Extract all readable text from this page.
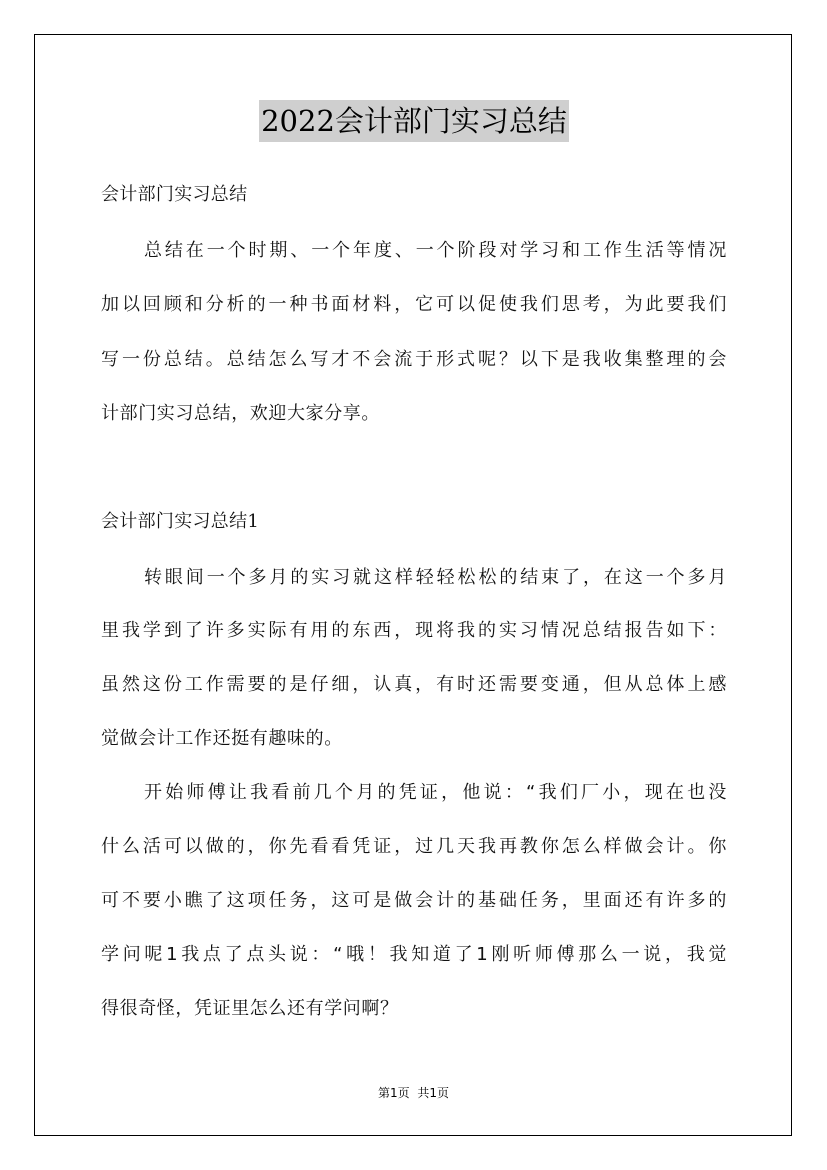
2022会计部门实习总结
会计部门实习总结
总结在一个时期、一个年度、一个阶段对学习和工作生活等情况
加以回顾和分析的一种书面材料，它可以促使我们思考，为此要我们
写一份总结。总结怎么写才不会流于形式呢？以下是我收集整理的会
计部门实习总结，欢迎大家分享。
会计部门实习总结1
转眼间一个多月的实习就这样轻轻松松的结束了，在这一个多月
里我学到了许多实际有用的东西，现将我的实习情况总结报告如下：
虽然这份工作需要的是仔细，认真，有时还需要变通，但从总体上感
觉做会计工作还挺有趣味的。
开始师傅让我看前几个月的凭证，他说：“我们厂小，现在也没
什么活可以做的，你先看看凭证，过几天我再教你怎么样做会计。你
可不要小瞧了这项任务，这可是做会计的基础任务，里面还有许多的
学问呢1我点了点头说：“哦！我知道了1刚听师傅那么一说，我觉
得很奇怪，凭证里怎么还有学问啊？
第1页 共1页
